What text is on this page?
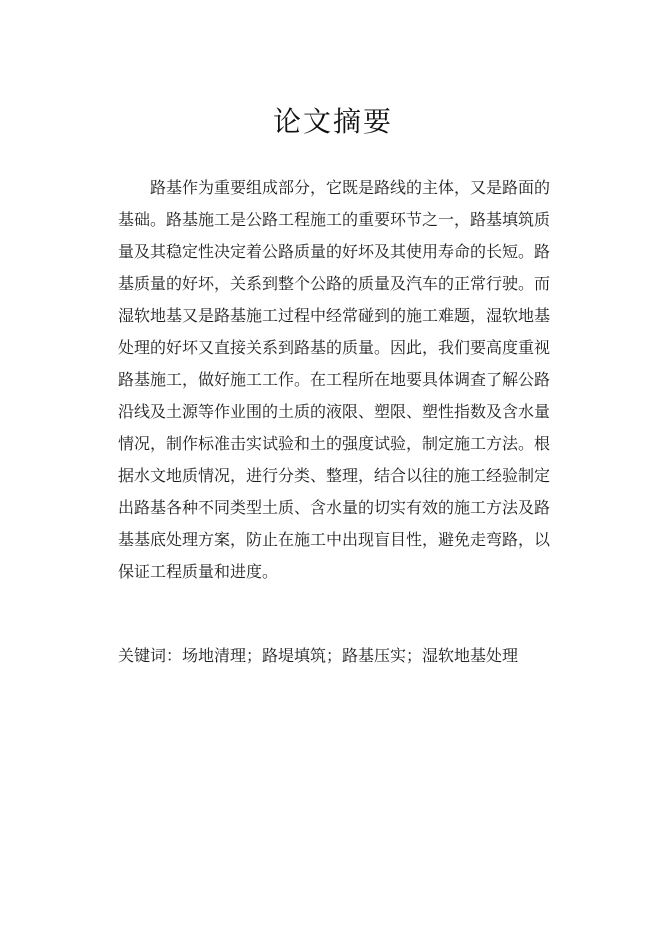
论文摘要

路基作为重要组成部分，它既是路线的主体，又是路面的基础。路基施工是公路工程施工的重要环节之一，路基填筑质量及其稳定性决定着公路质量的好坏及其使用寿命的长短。路基质量的好坏，关系到整个公路的质量及汽车的正常行驶。而湿软地基又是路基施工过程中经常碰到的施工难题，湿软地基处理的好坏又直接关系到路基的质量。因此，我们要高度重视路基施工，做好施工工作。在工程所在地要具体调查了解公路沿线及土源等作业围的土质的液限、塑限、塑性指数及含水量情况，制作标准击实试验和土的强度试验，制定施工方法。根据水文地质情况，进行分类、整理，结合以往的施工经验制定出路基各种不同类型土质、含水量的切实有效的施工方法及路基基底处理方案，防止在施工中出现盲目性，避免走弯路，以保证工程质量和进度。

关键词：场地清理；路堤填筑；路基压实；湿软地基处理
